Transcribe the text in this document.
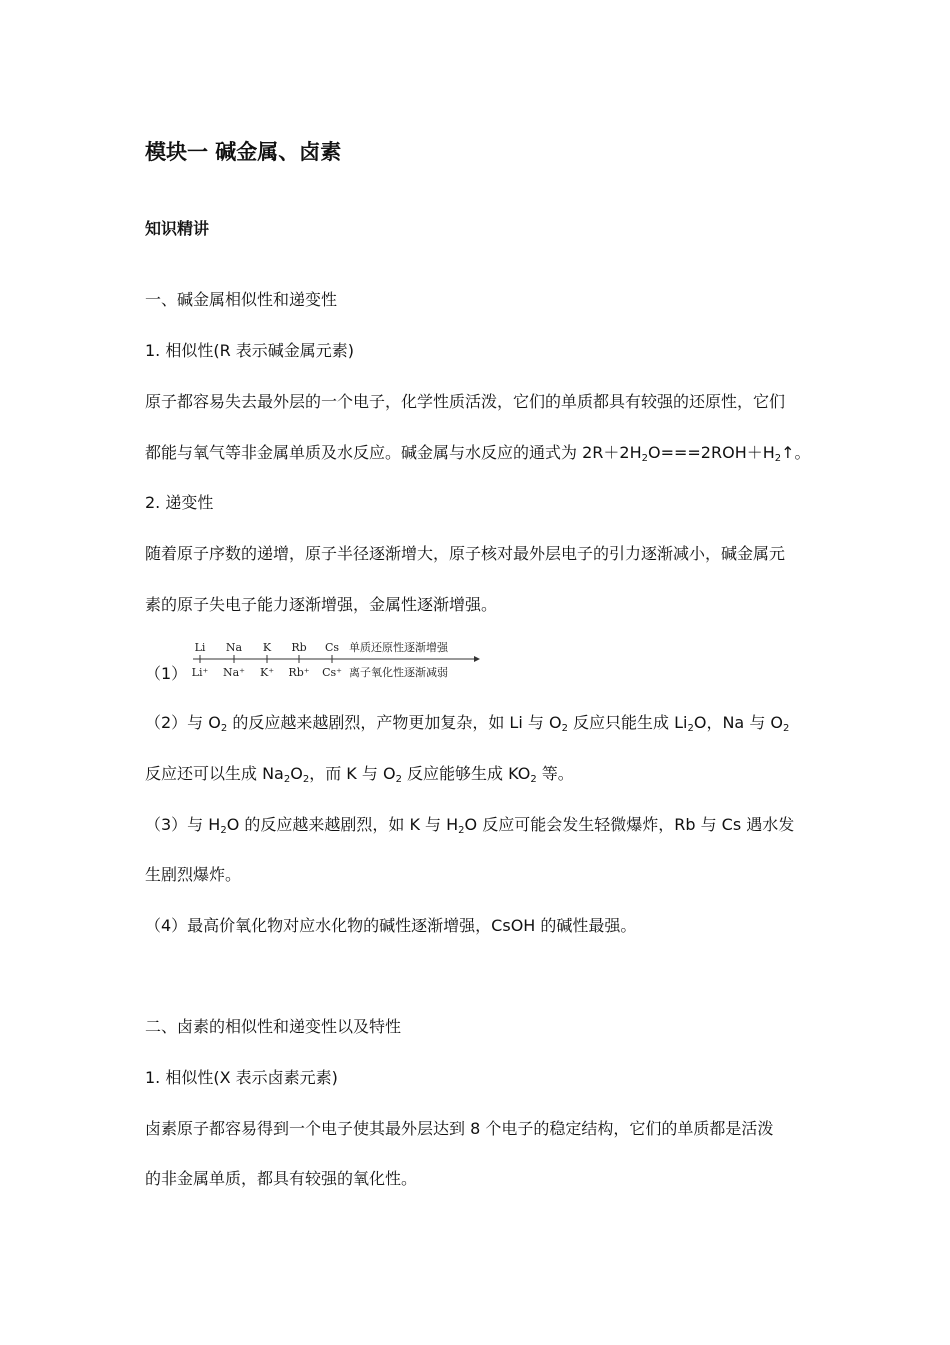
模块一 碱金属、卤素
知识精讲
一、碱金属相似性和递变性
1. 相似性(R 表示碱金属元素)
原子都容易失去最外层的一个电子，化学性质活泼，它们的单质都具有较强的还原性，它们
都能与氧气等非金属单质及水反应。碱金属与水反应的通式为 $2R+2H_2O===2ROH+H_2↑$。
2. 递变性
随着原子序数的递增，原子半径逐渐增大，原子核对最外层电子的引力逐渐减小，碱金属元
素的原子失电子能力逐渐增强，金属性逐渐增强。
（1）
Li Na K Rb Cs
Li⁺ Na⁺ K⁺ Rb⁺ Cs⁺
单质还原性逐渐增强
离子氧化性逐渐减弱
（2）与 $O_2$ 的反应越来越剧烈，产物更加复杂，如 Li 与 $O_2$ 反应只能生成 $Li_2O$，Na 与 $O_2$
反应还可以生成 $Na_2O_2$，而 K 与 $O_2$ 反应能够生成 $KO_2$ 等。
（3）与 $H_2O$ 的反应越来越剧烈，如 K 与 $H_2O$ 反应可能会发生轻微爆炸，Rb 与 Cs 遇水发
生剧烈爆炸。
（4）最高价氧化物对应水化物的碱性逐渐增强，CsOH 的碱性最强。
二、卤素的相似性和递变性以及特性
1. 相似性(X 表示卤素元素)
卤素原子都容易得到一个电子使其最外层达到 8 个电子的稳定结构，它们的单质都是活泼
的非金属单质，都具有较强的氧化性。
